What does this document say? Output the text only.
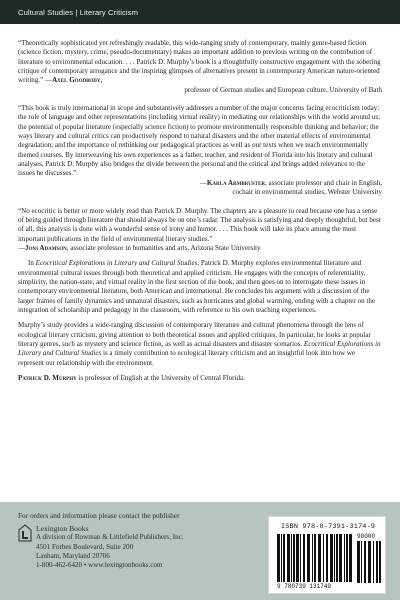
Cultural Studies | Literary Criticism

“Theoretically sophisticated yet refreshingly readable, this wide-ranging study of contemporary, mainly genre-based fiction (science fiction, mystery, crime, pseudo-documentary) makes an important addition to previous writing on the contribution of literature to environmental education. . . . Patrick D. Murphy’s book is a thoughtfully constructive engagement with the sobering critique of contemporary arrogance and the inspiring glimpses of alternatives present in contemporary American nature-oriented writing.” —Axel Goodbody,

professor of German studies and European culture, University of Bath

“This book is truly international in scope and substantively addresses a number of the major concerns facing ecocriticism today: the role of language and other representations (including virtual reality) in mediating our relationships with the world around us; the potential of popular literature (especially science fiction) to promote environmentally responsible thinking and behavior; the ways literary and cultural critics can productively respond to natural disasters and the other material effects of environmental degradation; and the importance of rethinking our pedagogical practices as well as our texts when we teach environmentally themed courses. By interweaving his own experiences as a father, teacher, and resident of Florida into his literary and cultural analyses, Patrick D. Murphy also bridges the divide between the personal and the critical and brings added relevance to the issues he discusses.”

—Karla Armbruster, associate professor and chair in English,

cochair in environmental studies, Webster University

“No ecocritic is better or more widely read than Patrick D. Murphy. The chapters are a pleasure to read because one has a sense of being guided through literature that should always be on one’s radar. The analysis is satisfying and deeply thoughtful, but best of all, this analysis is done with a wonderful sense of irony and humor. . . . This book will take its place among the most important publications in the field of environmental literary studies.”

—Joni Adamson, associate professor in humanities and arts, Arizona State University

In Ecocritical Explorations in Literary and Cultural Studies, Patrick D. Murphy explores environmental literature and environmental cultural issues through both theoretical and applied criticism. He engages with the concepts of referentiality, simplicity, the nation-state, and virtual reality in the first section of the book, and then goes on to interrogate these issues in contemporary environmental literature, both American and international. He concludes his argument with a discussion of the larger frames of family dynamics and unnatural disasters, such as hurricanes and global warming, ending with a chapter on the integration of scholarship and pedagogy in the classroom, with reference to his own teaching experiences.

Murphy’s study provides a wide-ranging discussion of contemporary literature and cultural phenomena through the lens of ecological literary criticism, giving attention to both theoretical issues and applied critiques. In particular, he looks at popular literary genres, such as mystery and science fiction, as well as actual disasters and disaster scenarios. Ecocritical Explorations in Literary and Cultural Studies is a timely contribution to ecological literary criticism and an insightful look into how we represent our relationship with the environment.

Patrick D. Murphy is professor of English at the University of Central Florida.

For orders and information please contact the publisher
Lexington Books
A division of Rowman & Littlefield Publishers, Inc.
4501 Forbes Boulevard, Suite 200
Lanham, Maryland 20706
1-800-462-6420 • www.lexingtonbooks.com
ISBN 978-0-7391-3174-9
90000
9 780739 131749
